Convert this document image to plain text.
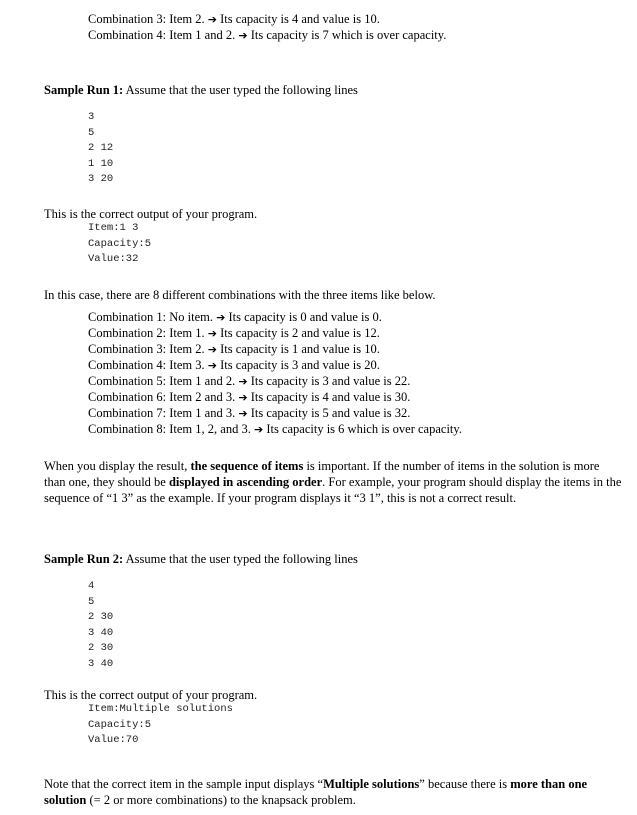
Combination 3: Item 2. ➔ Its capacity is 4 and value is 10.
Combination 4: Item 1 and 2. ➔ Its capacity is 7 which is over capacity.
Sample Run 1: Assume that the user typed the following lines
3
5
2 12
1 10
3 20
This is the correct output of your program.
Item:1 3
Capacity:5
Value:32
In this case, there are 8 different combinations with the three items like below.
Combination 1: No item. ➔ Its capacity is 0 and value is 0.
Combination 2: Item 1. ➔ Its capacity is 2 and value is 12.
Combination 3: Item 2. ➔ Its capacity is 1 and value is 10.
Combination 4: Item 3. ➔ Its capacity is 3 and value is 20.
Combination 5: Item 1 and 2. ➔ Its capacity is 3 and value is 22.
Combination 6: Item 2 and 3. ➔ Its capacity is 4 and value is 30.
Combination 7: Item 1 and 3. ➔ Its capacity is 5 and value is 32.
Combination 8: Item 1, 2, and 3. ➔ Its capacity is 6 which is over capacity.
When you display the result, the sequence of items is important. If the number of items in the solution is more than one, they should be displayed in ascending order. For example, your program should display the items in the sequence of “1 3” as the example. If your program displays it “3 1”, this is not a correct result.
Sample Run 2: Assume that the user typed the following lines
4
5
2 30
3 40
2 30
3 40
This is the correct output of your program.
Item:Multiple solutions
Capacity:5
Value:70
Note that the correct item in the sample input displays “Multiple solutions” because there is more than one solution (= 2 or more combinations) to the knapsack problem.
